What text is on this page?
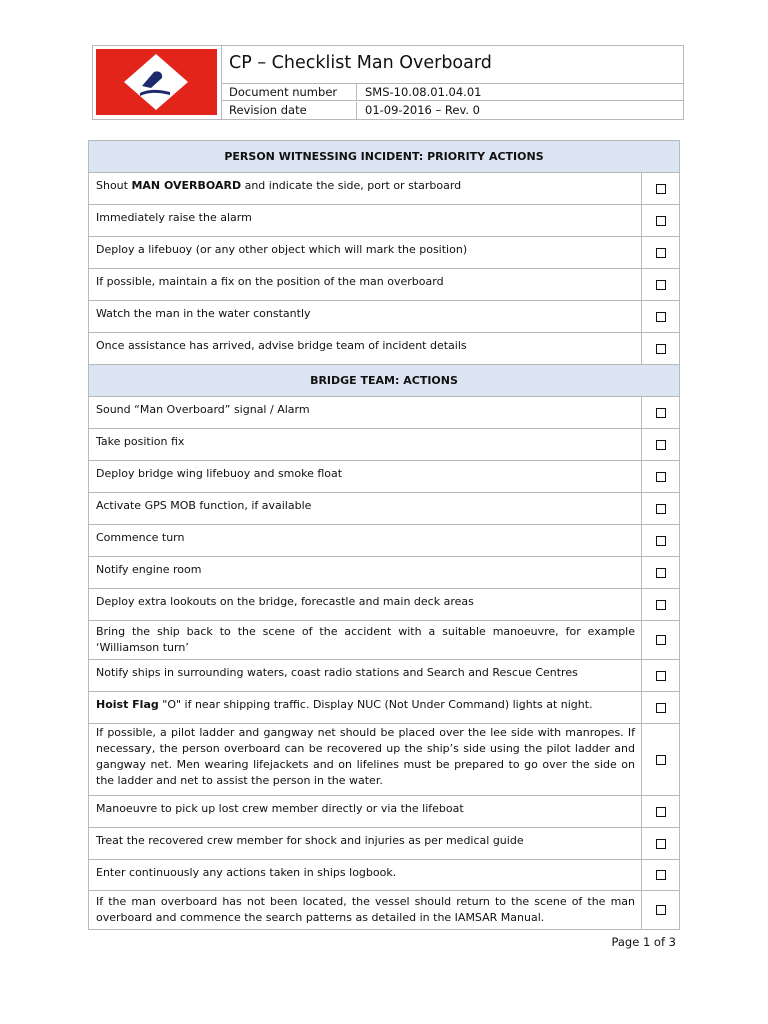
CP – Checklist Man Overboard
Document number	SMS-10.08.01.04.01
Revision date	01-09-2016 – Rev. 0
PERSON WITNESSING INCIDENT: PRIORITY ACTIONS
Shout MAN OVERBOARD and indicate the side, port or starboard
Immediately raise the alarm
Deploy a lifebuoy (or any other object which will mark the position)
If possible, maintain a fix on the position of the man overboard
Watch the man in the water constantly
Once assistance has arrived, advise bridge team of incident details
BRIDGE TEAM: ACTIONS
Sound “Man Overboard” signal / Alarm
Take position fix
Deploy bridge wing lifebuoy and smoke float
Activate GPS MOB function, if available
Commence turn
Notify engine room
Deploy extra lookouts on the bridge, forecastle and main deck areas
Bring the ship back to the scene of the accident with a suitable manoeuvre, for example ‘Williamson turn’
Notify ships in surrounding waters, coast radio stations and Search and Rescue Centres
Hoist Flag "O" if near shipping traffic. Display NUC (Not Under Command) lights at night.
If possible, a pilot ladder and gangway net should be placed over the lee side with manropes. If necessary, the person overboard can be recovered up the ship’s side using the pilot ladder and gangway net. Men wearing lifejackets and on lifelines must be prepared to go over the side on the ladder and net to assist the person in the water.
Manoeuvre to pick up lost crew member directly or via the lifeboat
Treat the recovered crew member for shock and injuries as per medical guide
Enter continuously any actions taken in ships logbook.
If the man overboard has not been located, the vessel should return to the scene of the man overboard and commence the search patterns as detailed in the IAMSAR Manual.
Page 1 of 3
